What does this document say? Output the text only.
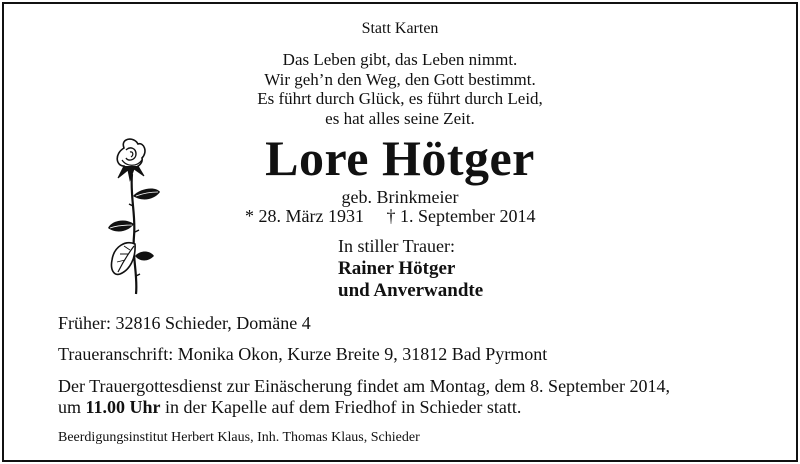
Statt Karten
Das Leben gibt, das Leben nimmt.
Wir geh’n den Weg, den Gott bestimmt.
Es führt durch Glück, es führt durch Leid,
es hat alles seine Zeit.
Lore Hötger
geb. Brinkmeier
* 28. März 1931 † 1. September 2014
In stiller Trauer:
Rainer Hötger
und Anverwandte
Früher: 32816 Schieder, Domäne 4
Traueranschrift: Monika Okon, Kurze Breite 9, 31812 Bad Pyrmont
Der Trauergottesdienst zur Einäscherung findet am Montag, dem 8. September 2014,
um 11.00 Uhr in der Kapelle auf dem Friedhof in Schieder statt.
Beerdigungsinstitut Herbert Klaus, Inh. Thomas Klaus, Schieder
